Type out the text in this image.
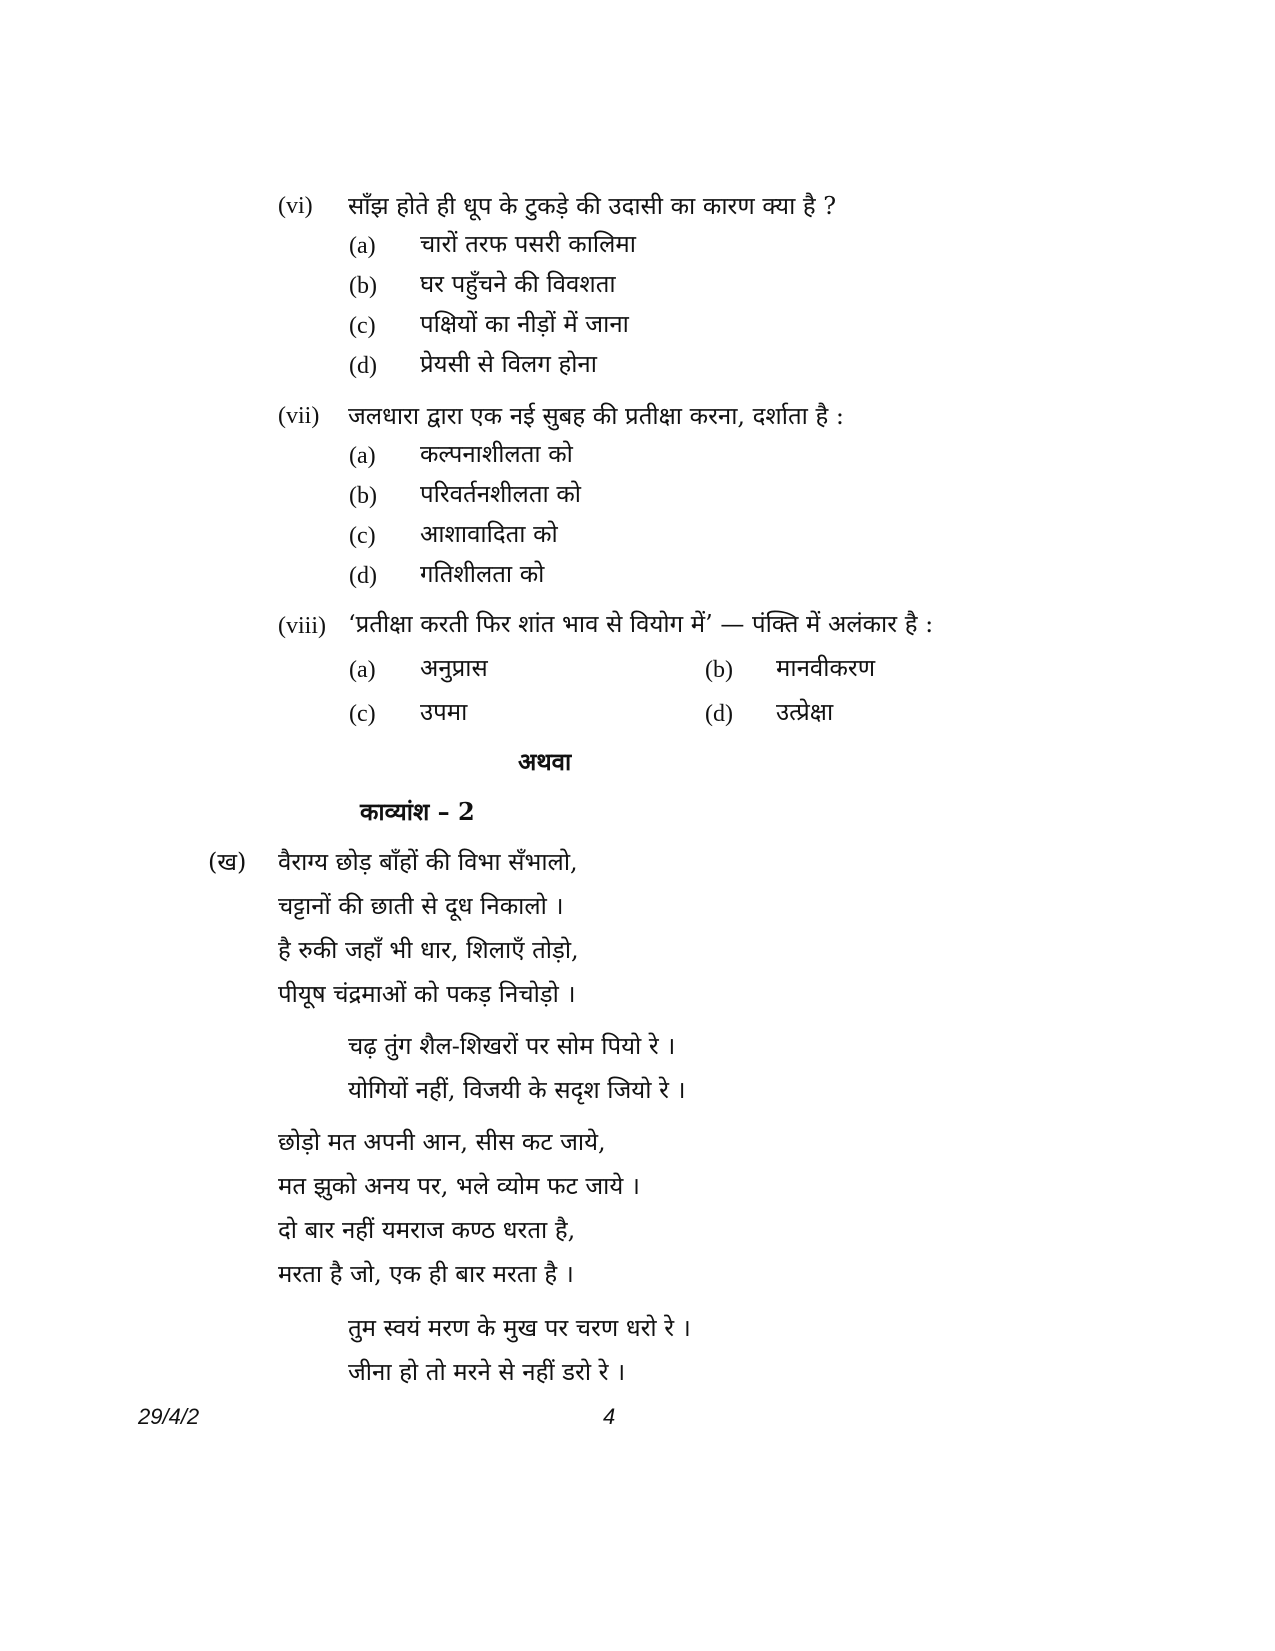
(vi) साँझ होते ही धूप के टुकड़े की उदासी का कारण क्या है ?
(a) चारों तरफ पसरी कालिमा
(b) घर पहुँचने की विवशता
(c) पक्षियों का नीड़ों में जाना
(d) प्रेयसी से विलग होना
(vii) जलधारा द्वारा एक नई सुबह की प्रतीक्षा करना, दर्शाता है :
(a) कल्पनाशीलता को
(b) परिवर्तनशीलता को
(c) आशावादिता को
(d) गतिशीलता को
(viii) ‘प्रतीक्षा करती फिर शांत भाव से वियोग में’ — पंक्ति में अलंकार है :
(a) अनुप्रास	(b) मानवीकरण
(c) उपमा	(d) उत्प्रेक्षा
अथवा
काव्यांश – 2
(ख) वैराग्य छोड़ बाँहों की विभा सँभालो,
चट्टानों की छाती से दूध निकालो ।
है रुकी जहाँ भी धार, शिलाएँ तोड़ो,
पीयूष चंद्रमाओं को पकड़ निचोड़ो ।
चढ़ तुंग शैल-शिखरों पर सोम पियो रे ।
योगियों नहीं, विजयी के सदृश जियो रे ।
छोड़ो मत अपनी आन, सीस कट जाये,
मत झुको अनय पर, भले व्योम फट जाये ।
दो बार नहीं यमराज कण्ठ धरता है,
मरता है जो, एक ही बार मरता है ।
तुम स्वयं मरण के मुख पर चरण धरो रे ।
जीना हो तो मरने से नहीं डरो रे ।
29/4/2	4
